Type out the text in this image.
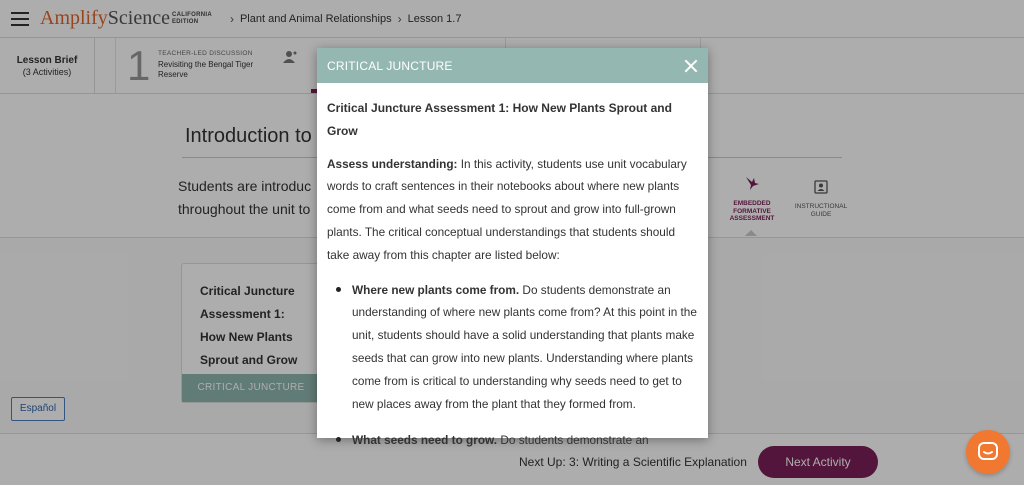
Amplify Science CALIFORNIA
EDITION	› Plant and Animal Relationships › Lesson 1.7
Lesson Brief
(3 Activities)	1 TEACHER-LED DISCUSSION
Revisiting the Bengal Tiger Reserve
Introduction to
Students are introduc throughout the unit to	EMBEDDED FORMATIVE ASSESSMENT
INSTRUCTIONAL GUIDE
Critical Juncture Assessment 1: How New Plants Sprout and Grow
CRITICAL JUNCTURE
Español
Next Up: 3: Writing a Scientific Explanation	Next Activity
CRITICAL JUNCTURE
Critical Juncture Assessment 1: How New Plants Sprout and Grow
Assess understanding: In this activity, students use unit vocabulary words to craft sentences in their notebooks about where new plants come from and what seeds need to sprout and grow into full-grown plants. The critical conceptual understandings that students should take away from this chapter are listed below:
Where new plants come from. Do students demonstrate an understanding of where new plants come from? At this point in the unit, students should have a solid understanding that plants make seeds that can grow into new plants. Understanding where plants come from is critical to understanding why seeds need to get to new places away from the plant that they formed from.
What seeds need to grow. Do students demonstrate an
